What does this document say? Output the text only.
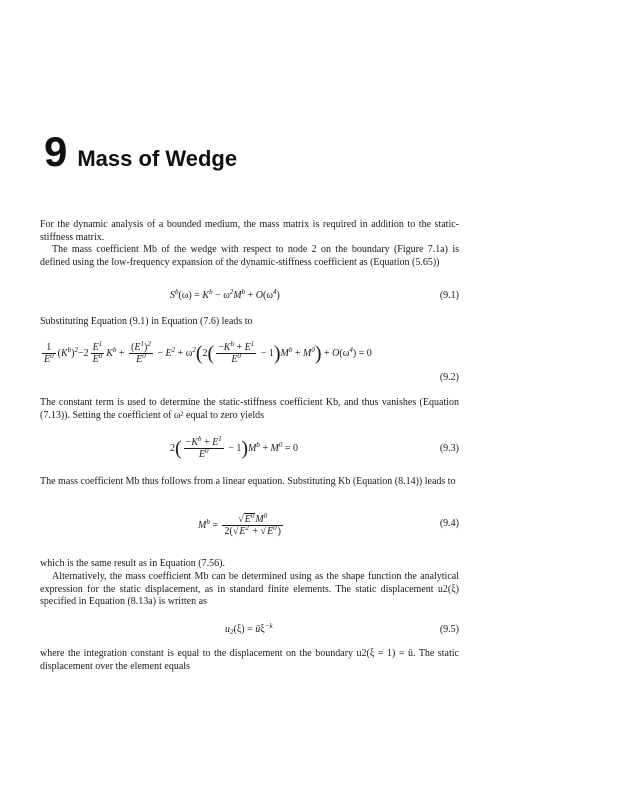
9 Mass of Wedge

For the dynamic analysis of a bounded medium, the mass matrix is required in addition to the static-stiffness matrix.

The mass coefficient Mb of the wedge with respect to node 2 on the boundary (Figure 7.1a) is defined using the low-frequency expansion of the dynamic-stiffness coefficient as (Equation (5.65))

$S^b(\omega) = K^b - \omega^2M^b + O(\omega^4)$	(9.1)

Substituting Equation (9.1) in Equation (7.6) leads to

$\frac{1}{E^0} (K^b)^2-2 \frac{E^1}{E^0} K^b + \frac{(E^1)^2}{E^0} - E^2 + \omega^2(2( \frac{-K^b + E^1}{E^0} - 1)M^b + M^0) + O(\omega^4) = 0$
(9.2)

The constant term is used to determine the static-stiffness coefficient Kb, and thus vanishes (Equation (7.13)). Setting the coefficient of ω² equal to zero yields

$2( \frac{-K^b + E^1}{E^0} - 1)M^b + M^0 = 0$	(9.3)

The mass coefficient Mb thus follows from a linear equation. Substituting Kb (Equation (8.14)) leads to

$M^b = \frac{√E^0M^0}{2(√E^2 + √E^0)}$	(9.4)

which is the same result as in Equation (7.56).

Alternatively, the mass coefficient Mb can be determined using as the shape function the analytical expression for the static displacement, as in standard finite elements. The static displacement u2(ξ) specified in Equation (8.13a) is written as

$u_2(\xi)$ = $ū\xi^{-k}$	(9.5)

where the integration constant is equal to the displacement on the boundary u2(ξ = 1) = ū. The static displacement over the element equals
